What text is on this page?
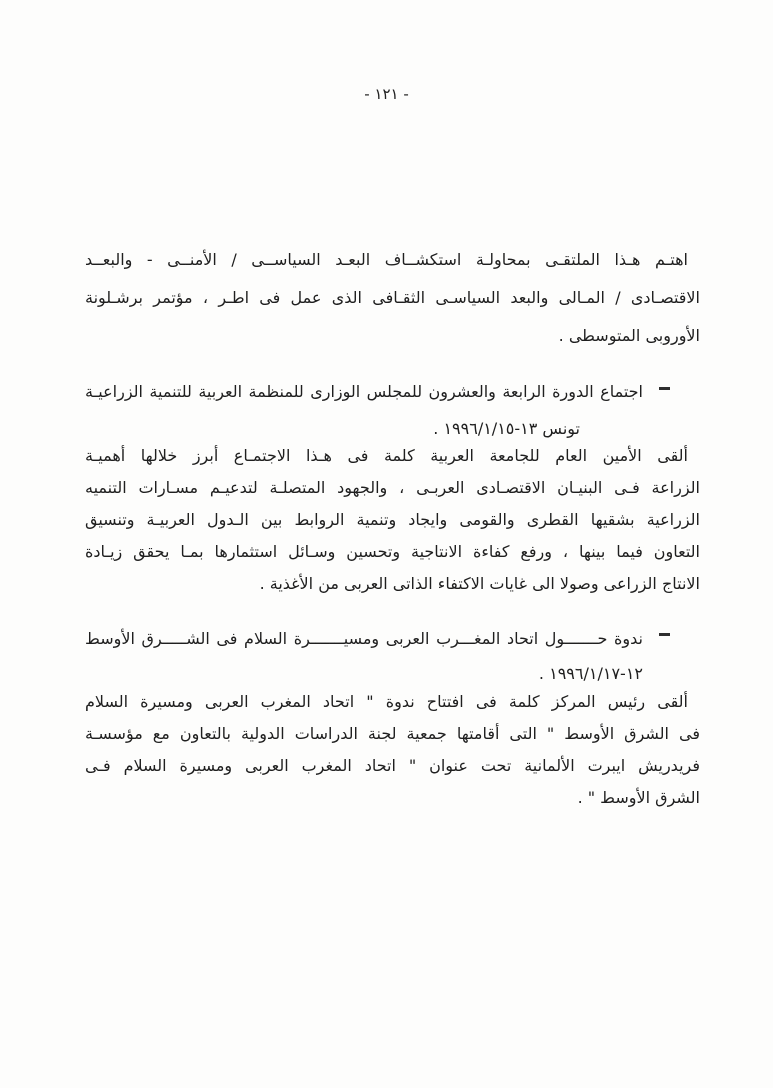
- ١٢١ -
اهتـم هـذا الملتقـى بمحاولـة استكشــاف البعـد السياســى / الأمنــى - والبعــد
الاقتصـادى / المـالى والبعد السياسـى الثقـافى الذى عمل فى اطـر ، مؤتمر برشـلونة
الأوروبى المتوسطى .
اجتماع الدورة الرابعة والعشرون للمجلس الوزارى للمنظمة العربية للتنمية الزراعيـة
تونس ١٣-١٩٩٦/١/١٥ .
ألقى الأمين العام للجامعة العربية كلمة فى هـذا الاجتمـاع أبرز خلالها أهميـة
الزراعة فـى البنيـان الاقتصـادى العربـى ، والجهود المتصلـة لتدعيـم مسـارات التنميه
الزراعية بشقيها القطرى والقومى وايجاد وتنمية الروابط بين الـدول العربيـة وتنسيق
التعاون فيما بينها ، ورفع كفاءة الانتاجية وتحسين وسـائل استثمارها بمـا يحقق زيـادة
الانتاج الزراعى وصولا الى غايات الاكتفاء الذاتى العربى من الأغذية .
ندوة حـــــــول اتحاد المغـــرب العربى ومسيـــــــرة السلام فى الشـــــرق الأوسط
١٢-١٩٩٦/١/١٧ .
ألقى رئيس المركز كلمة فى افتتاح ندوة " اتحاد المغرب العربى ومسيرة السلام
فى الشرق الأوسط " التى أقامتها جمعية لجنة الدراسات الدولية بالتعاون مع مؤسسـة
فريدريش ايبرت الألمانية تحت عنوان " اتحاد المغرب العربى ومسيرة السلام فـى
الشرق الأوسط " .
